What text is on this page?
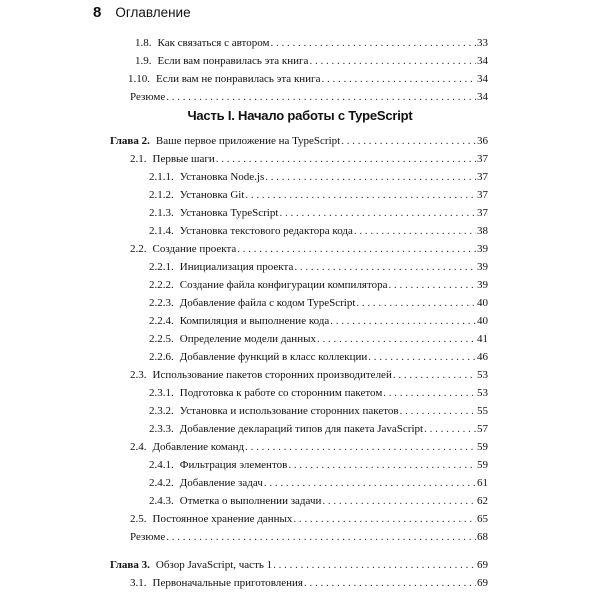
8 Оглавление
Часть I. Начало работы с TypeScript
1.8. Как связаться с автором . . .	33
1.9. Если вам понравилась эта книга . . .	34
1.10. Если вам не понравилась эта книга . . .	34
Резюме . . .	34
Глава 2. Ваше первое приложение на TypeScript . . .	36
2.1. Первые шаги . . .	37
2.1.1. Установка Node.js . . .	37
2.1.2. Установка Git . . .	37
2.1.3. Установка TypeScript . . .	37
2.1.4. Установка текстового редактора кода . . .	38
2.2. Создание проекта . . .	39
2.2.1. Инициализация проекта . . .	39
2.2.2. Создание файла конфигурации компилятора . . .	39
2.2.3. Добавление файла с кодом TypeScript . . .	40
2.2.4. Компиляция и выполнение кода . . .	40
2.2.5. Определение модели данных . . .	41
2.2.6. Добавление функций в класс коллекции . . .	46
2.3. Использование пакетов сторонних производителей . . .	53
2.3.1. Подготовка к работе со сторонним пакетом . . .	53
2.3.2. Установка и использование сторонних пакетов . . .	55
2.3.3. Добавление деклараций типов для пакета JavaScript . . .	57
2.4. Добавление команд . . .	59
2.4.1. Фильтрация элементов . . .	59
2.4.2. Добавление задач . . .	61
2.4.3. Отметка о выполнении задачи . . .	62
2.5. Постоянное хранение данных . . .	65
Резюме . . .	68
Глава 3. Обзор JavaScript, часть 1 . . .	69
3.1. Первоначальные приготовления . . .	69
